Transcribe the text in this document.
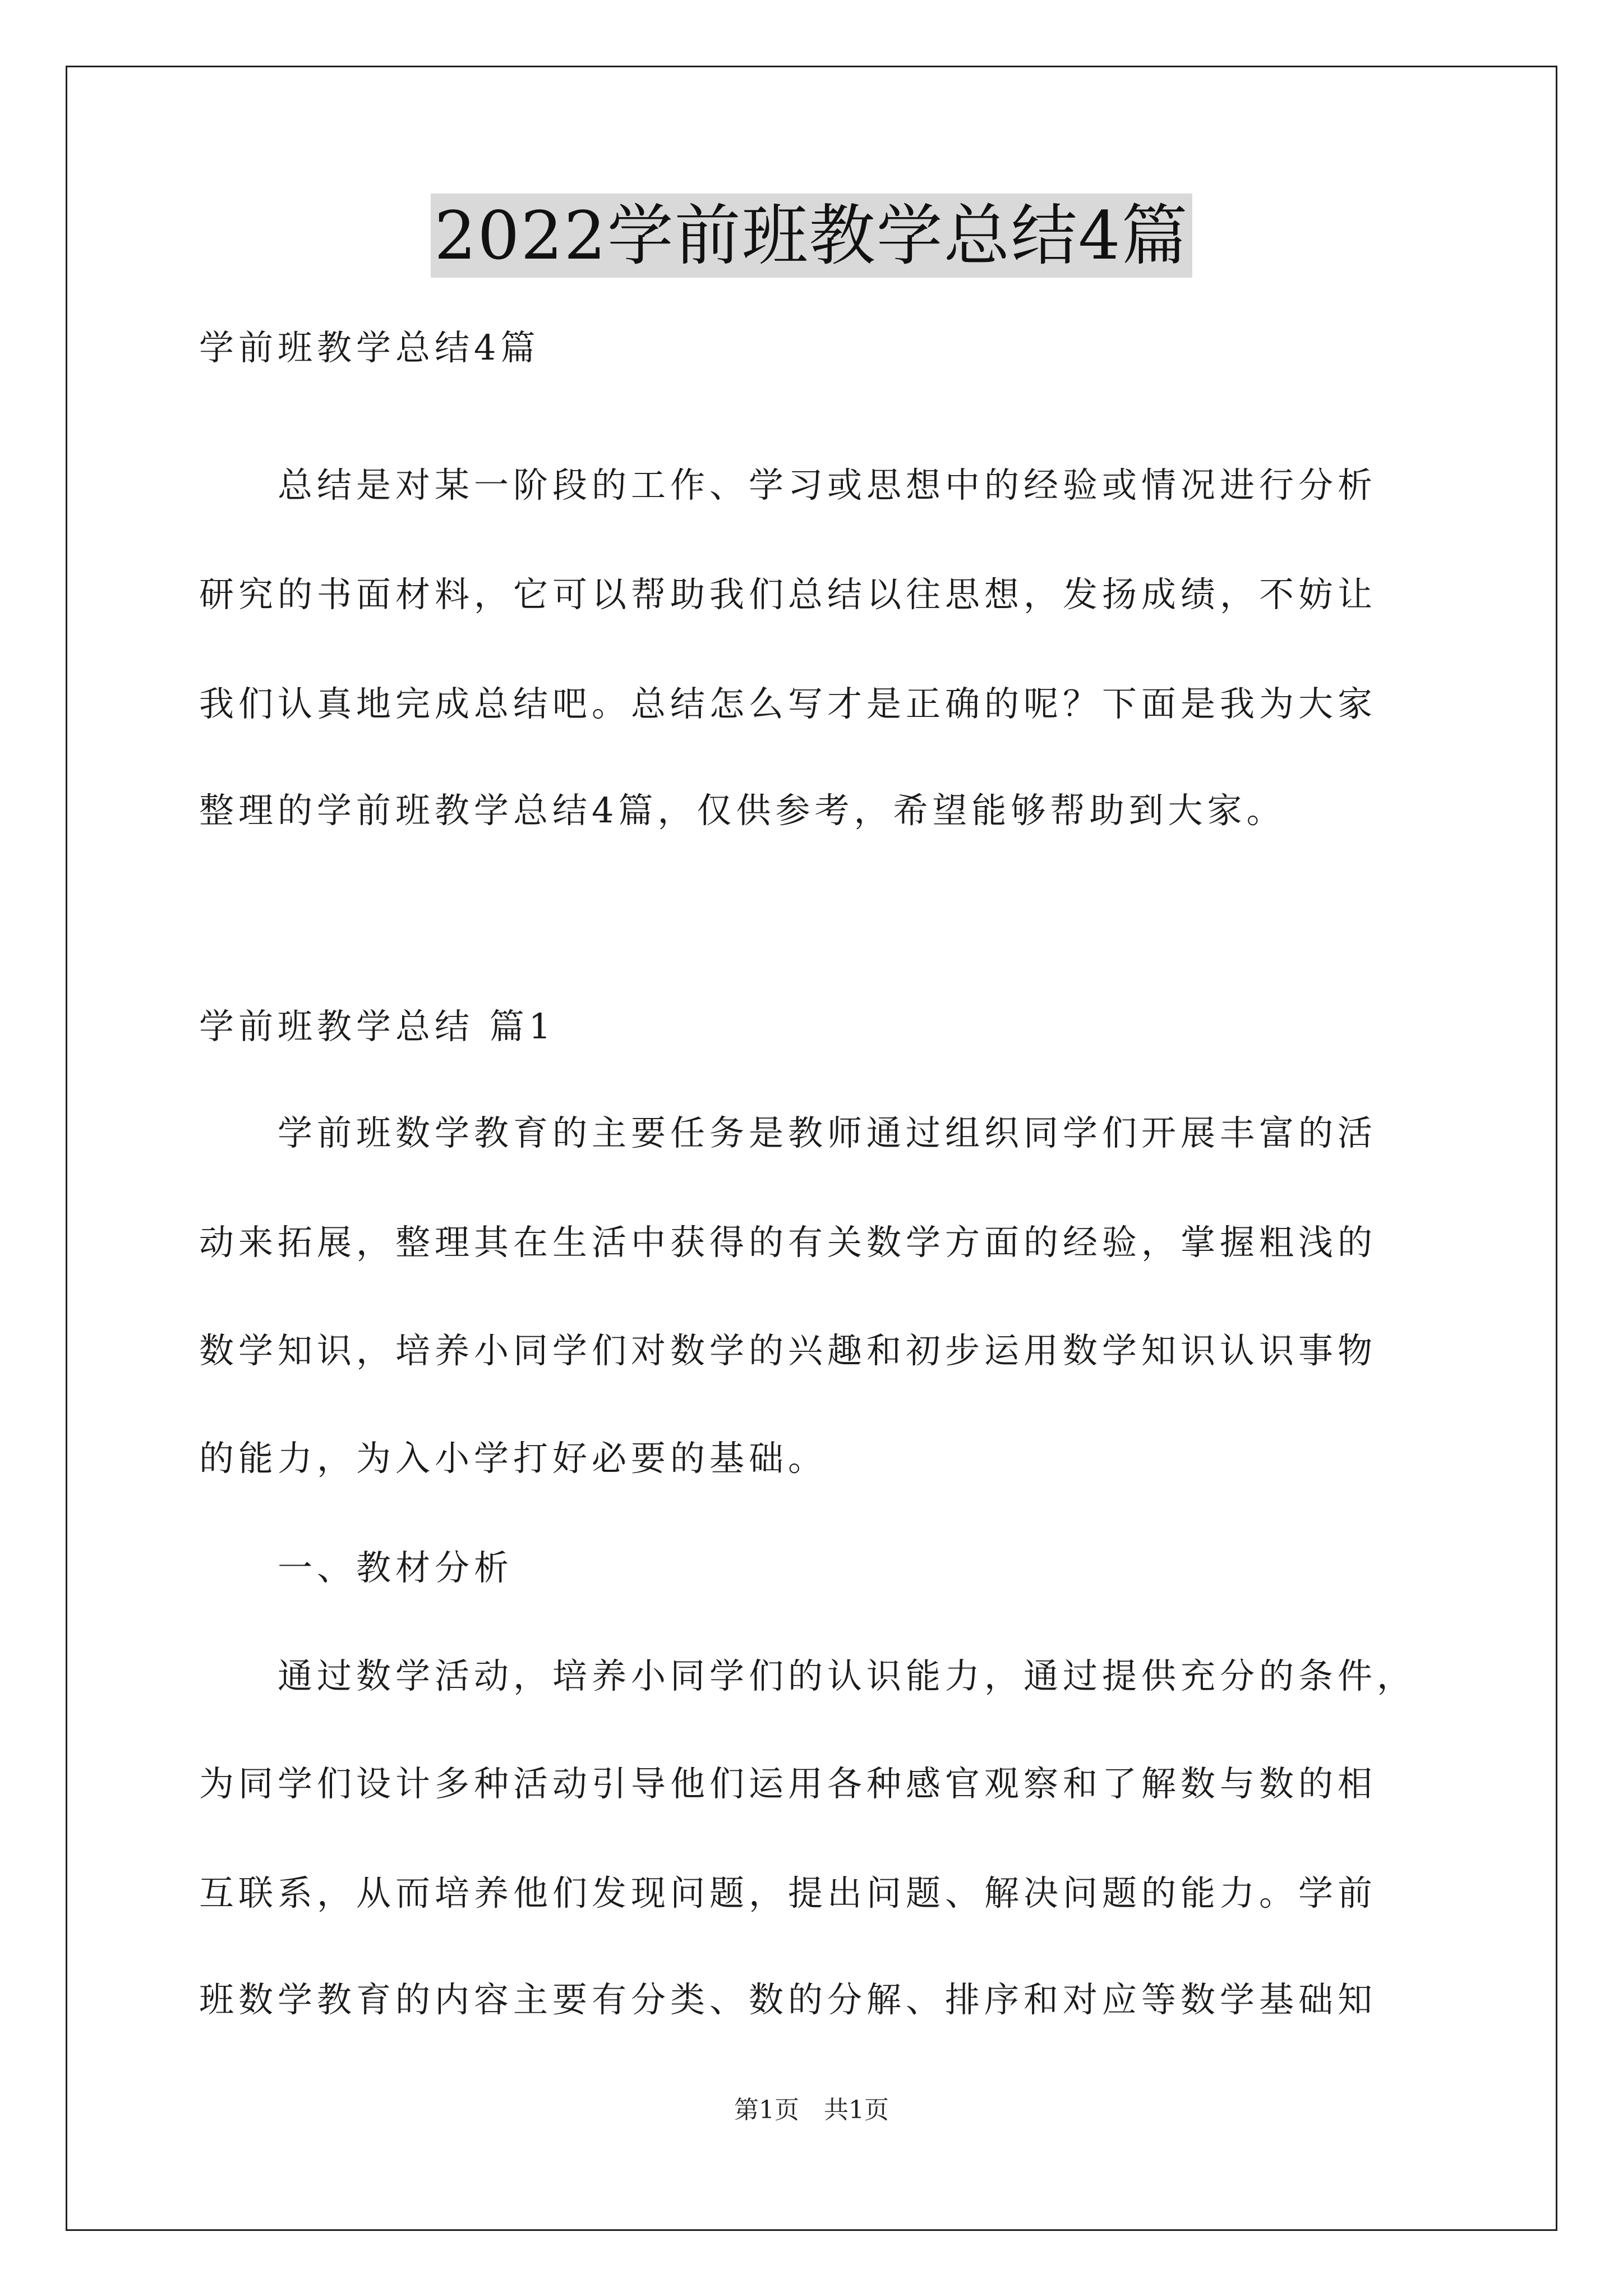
2022学前班教学总结4篇
学前班教学总结4篇
　　总结是对某一阶段的工作、学习或思想中的经验或情况进行分析
研究的书面材料，它可以帮助我们总结以往思想，发扬成绩，不妨让
我们认真地完成总结吧。总结怎么写才是正确的呢？下面是我为大家
整理的学前班教学总结4篇，仅供参考，希望能够帮助到大家。
学前班教学总结 篇1
　　学前班数学教育的主要任务是教师通过组织同学们开展丰富的活
动来拓展，整理其在生活中获得的有关数学方面的经验，掌握粗浅的
数学知识，培养小同学们对数学的兴趣和初步运用数学知识认识事物
的能力，为入小学打好必要的基础。
　　一、教材分析
　　通过数学活动，培养小同学们的认识能力，通过提供充分的条件，
为同学们设计多种活动引导他们运用各种感官观察和了解数与数的相
互联系，从而培养他们发现问题，提出问题、解决问题的能力。学前
班数学教育的内容主要有分类、数的分解、排序和对应等数学基础知
第1页　共1页
